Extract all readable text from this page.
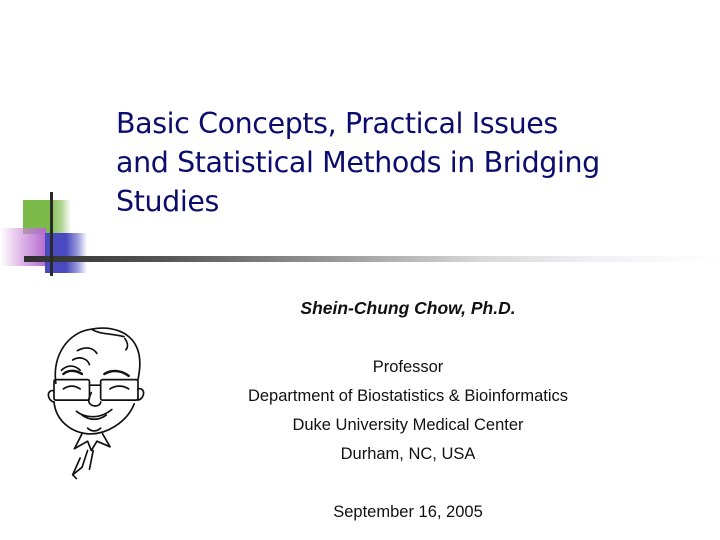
Basic Concepts, Practical Issues
and Statistical Methods in Bridging
Studies
Shein-Chung Chow, Ph.D.
Professor
Department of Biostatistics & Bioinformatics
Duke University Medical Center
Durham, NC, USA
September 16, 2005
